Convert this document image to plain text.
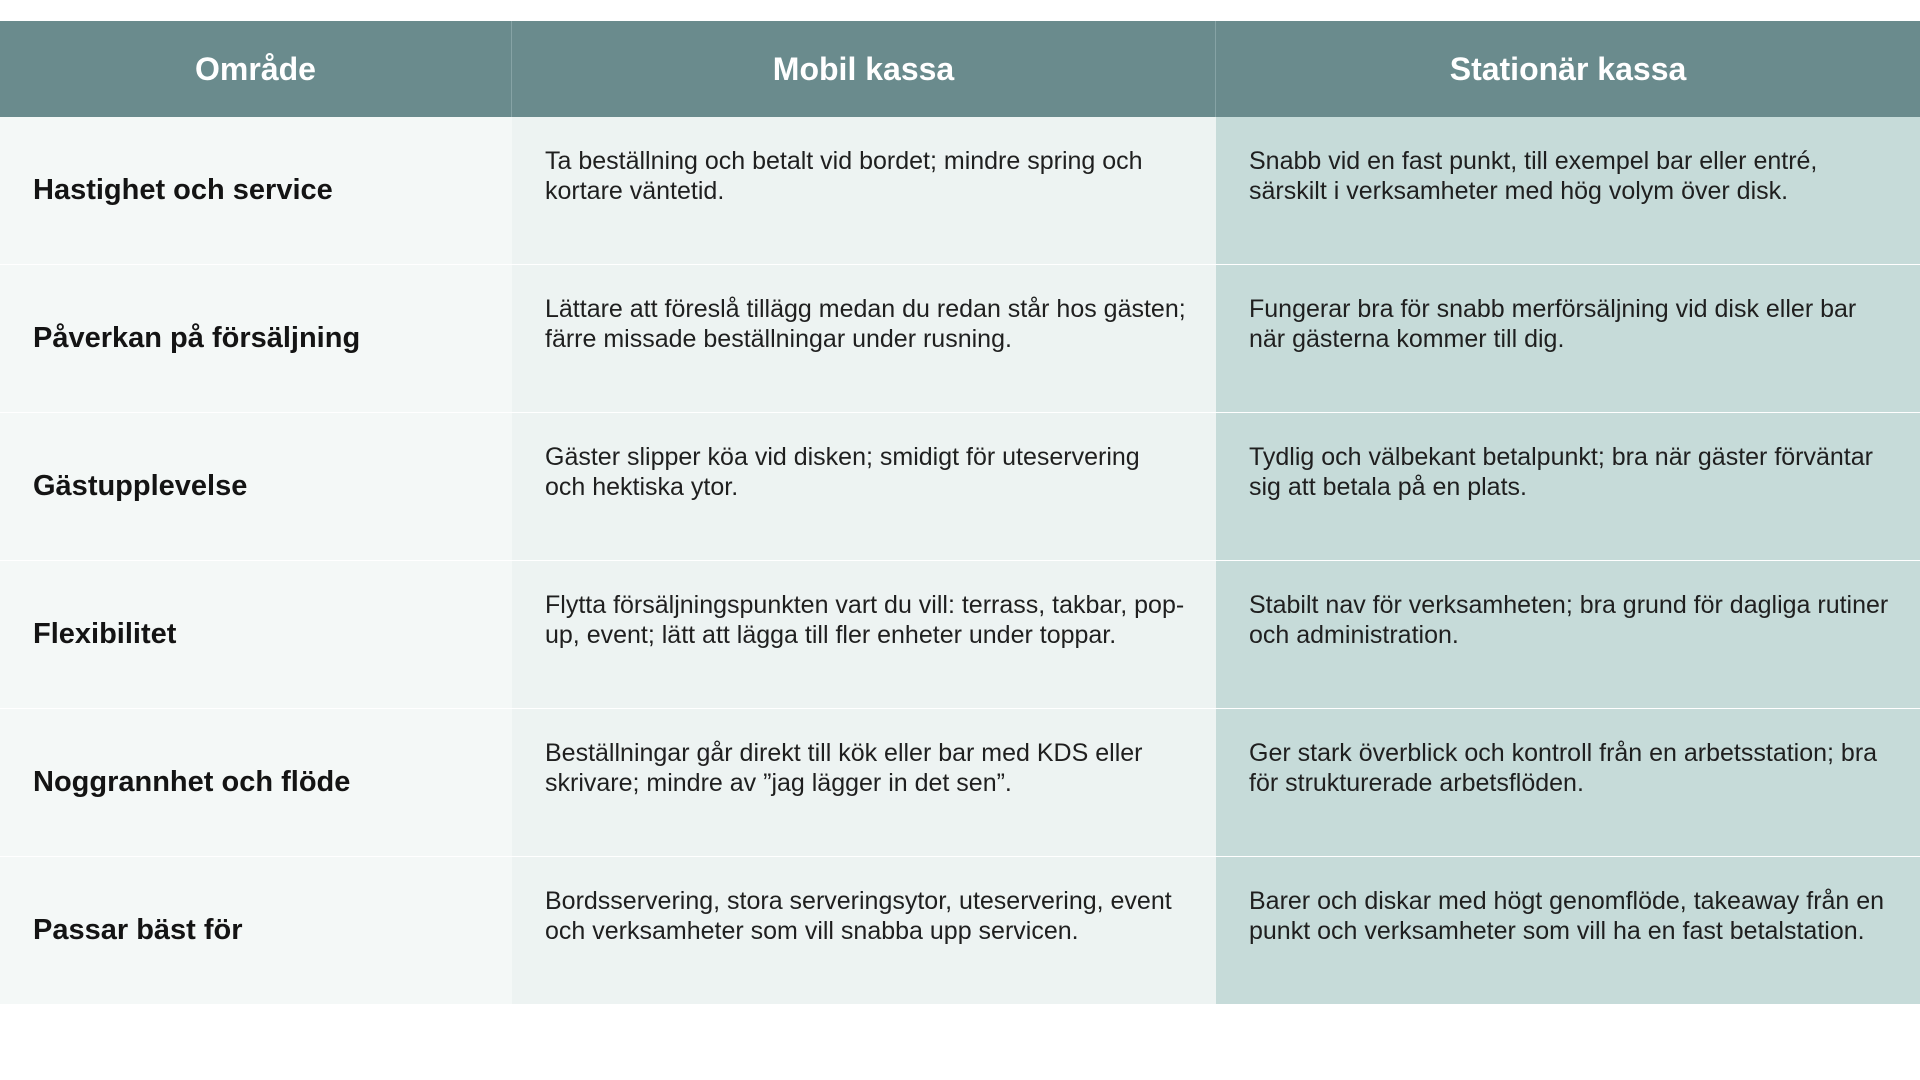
Område	Mobil kassa	Stationär kassa
Hastighet och service
Ta beställning och betalt vid bordet; mindre spring och kortare väntetid.
Snabb vid en fast punkt, till exempel bar eller entré, särskilt i verksamheter med hög volym över disk.
Påverkan på försäljning
Lättare att föreslå tillägg medan du redan står hos gästen; färre missade beställningar under rusning.
Fungerar bra för snabb merförsäljning vid disk eller bar när gästerna kommer till dig.
Gästupplevelse
Gäster slipper köa vid disken; smidigt för uteservering och hektiska ytor.
Tydlig och välbekant betalpunkt; bra när gäster förväntar sig att betala på en plats.
Flexibilitet
Flytta försäljningspunkten vart du vill: terrass, takbar, pop-up, event; lätt att lägga till fler enheter under toppar.
Stabilt nav för verksamheten; bra grund för dagliga rutiner och administration.
Noggrannhet och flöde
Beställningar går direkt till kök eller bar med KDS eller skrivare; mindre av ”jag lägger in det sen”.
Ger stark överblick och kontroll från en arbetsstation; bra för strukturerade arbetsflöden.
Passar bäst för
Bordsservering, stora serveringsytor, uteservering, event och verksamheter som vill snabba upp servicen.
Barer och diskar med högt genomflöde, takeaway från en punkt och verksamheter som vill ha en fast betalstation.
